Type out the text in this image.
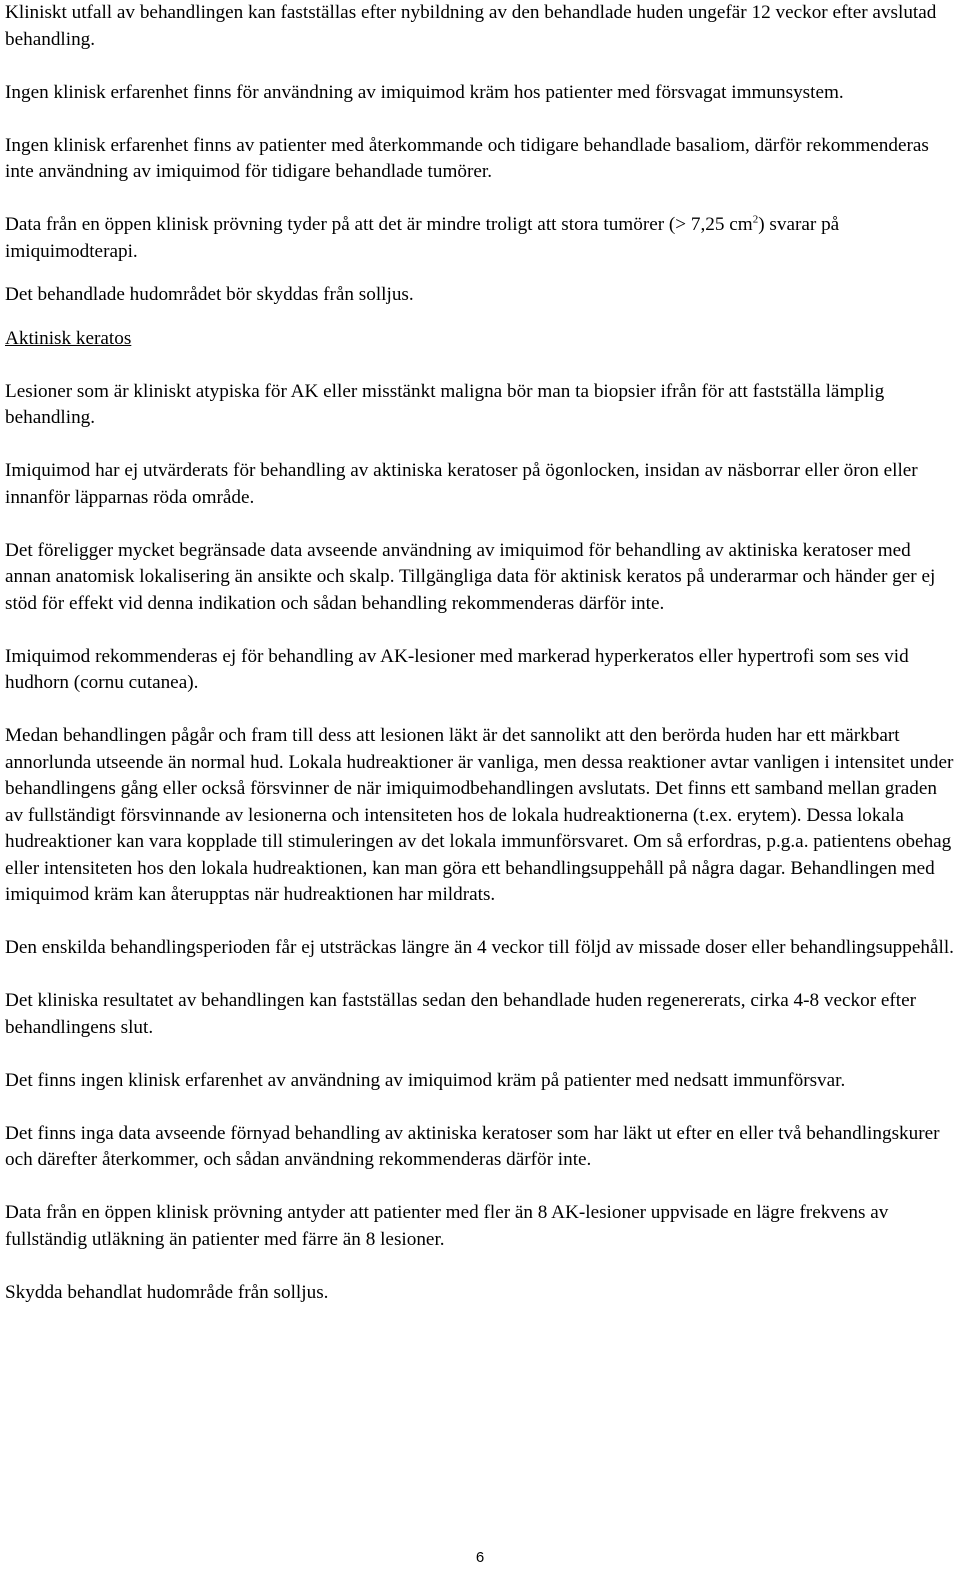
Kliniskt utfall av behandlingen kan fastställas efter nybildning av den behandlade huden ungefär 12 veckor efter avslutad behandling.

Ingen klinisk erfarenhet finns för användning av imiquimod kräm hos patienter med försvagat immunsystem.

Ingen klinisk erfarenhet finns av patienter med återkommande och tidigare behandlade basaliom, därför rekommenderas inte användning av imiquimod för tidigare behandlade tumörer.

Data från en öppen klinisk prövning tyder på att det är mindre troligt att stora tumörer (> 7,25 $cm^2$) svarar på imiquimodterapi.

Det behandlade hudområdet bör skyddas från solljus.

Aktinisk keratos

Lesioner som är kliniskt atypiska för AK eller misstänkt maligna bör man ta biopsier ifrån för att fastställa lämplig behandling.

Imiquimod har ej utvärderats för behandling av aktiniska keratoser på ögonlocken, insidan av näsborrar eller öron eller innanför läpparnas röda område.

Det föreligger mycket begränsade data avseende användning av imiquimod för behandling av aktiniska keratoser med annan anatomisk lokalisering än ansikte och skalp. Tillgängliga data för aktinisk keratos på underarmar och händer ger ej stöd för effekt vid denna indikation och sådan behandling rekommenderas därför inte.

Imiquimod rekommenderas ej för behandling av AK-lesioner med markerad hyperkeratos eller hypertrofi som ses vid hudhorn (cornu cutanea).

Medan behandlingen pågår och fram till dess att lesionen läkt är det sannolikt att den berörda huden har ett märkbart annorlunda utseende än normal hud. Lokala hudreaktioner är vanliga, men dessa reaktioner avtar vanligen i intensitet under behandlingens gång eller också försvinner de när imiquimodbehandlingen avslutats. Det finns ett samband mellan graden av fullständigt försvinnande av lesionerna och intensiteten hos de lokala hudreaktionerna (t.ex. erytem). Dessa lokala hudreaktioner kan vara kopplade till stimuleringen av det lokala immunförsvaret. Om så erfordras, p.g.a. patientens obehag eller intensiteten hos den lokala hudreaktionen, kan man göra ett behandlingsuppehåll på några dagar. Behandlingen med imiquimod kräm kan återupptas när hudreaktionen har mildrats.

Den enskilda behandlingsperioden får ej utsträckas längre än 4 veckor till följd av missade doser eller behandlingsuppehåll.

Det kliniska resultatet av behandlingen kan fastställas sedan den behandlade huden regenererats, cirka 4-8 veckor efter behandlingens slut.

Det finns ingen klinisk erfarenhet av användning av imiquimod kräm på patienter med nedsatt immunförsvar.

Det finns inga data avseende förnyad behandling av aktiniska keratoser som har läkt ut efter en eller två behandlingskurer och därefter återkommer, och sådan användning rekommenderas därför inte.

Data från en öppen klinisk prövning antyder att patienter med fler än 8 AK-lesioner uppvisade en lägre frekvens av fullständig utläkning än patienter med färre än 8 lesioner.

Skydda behandlat hudområde från solljus.

6
